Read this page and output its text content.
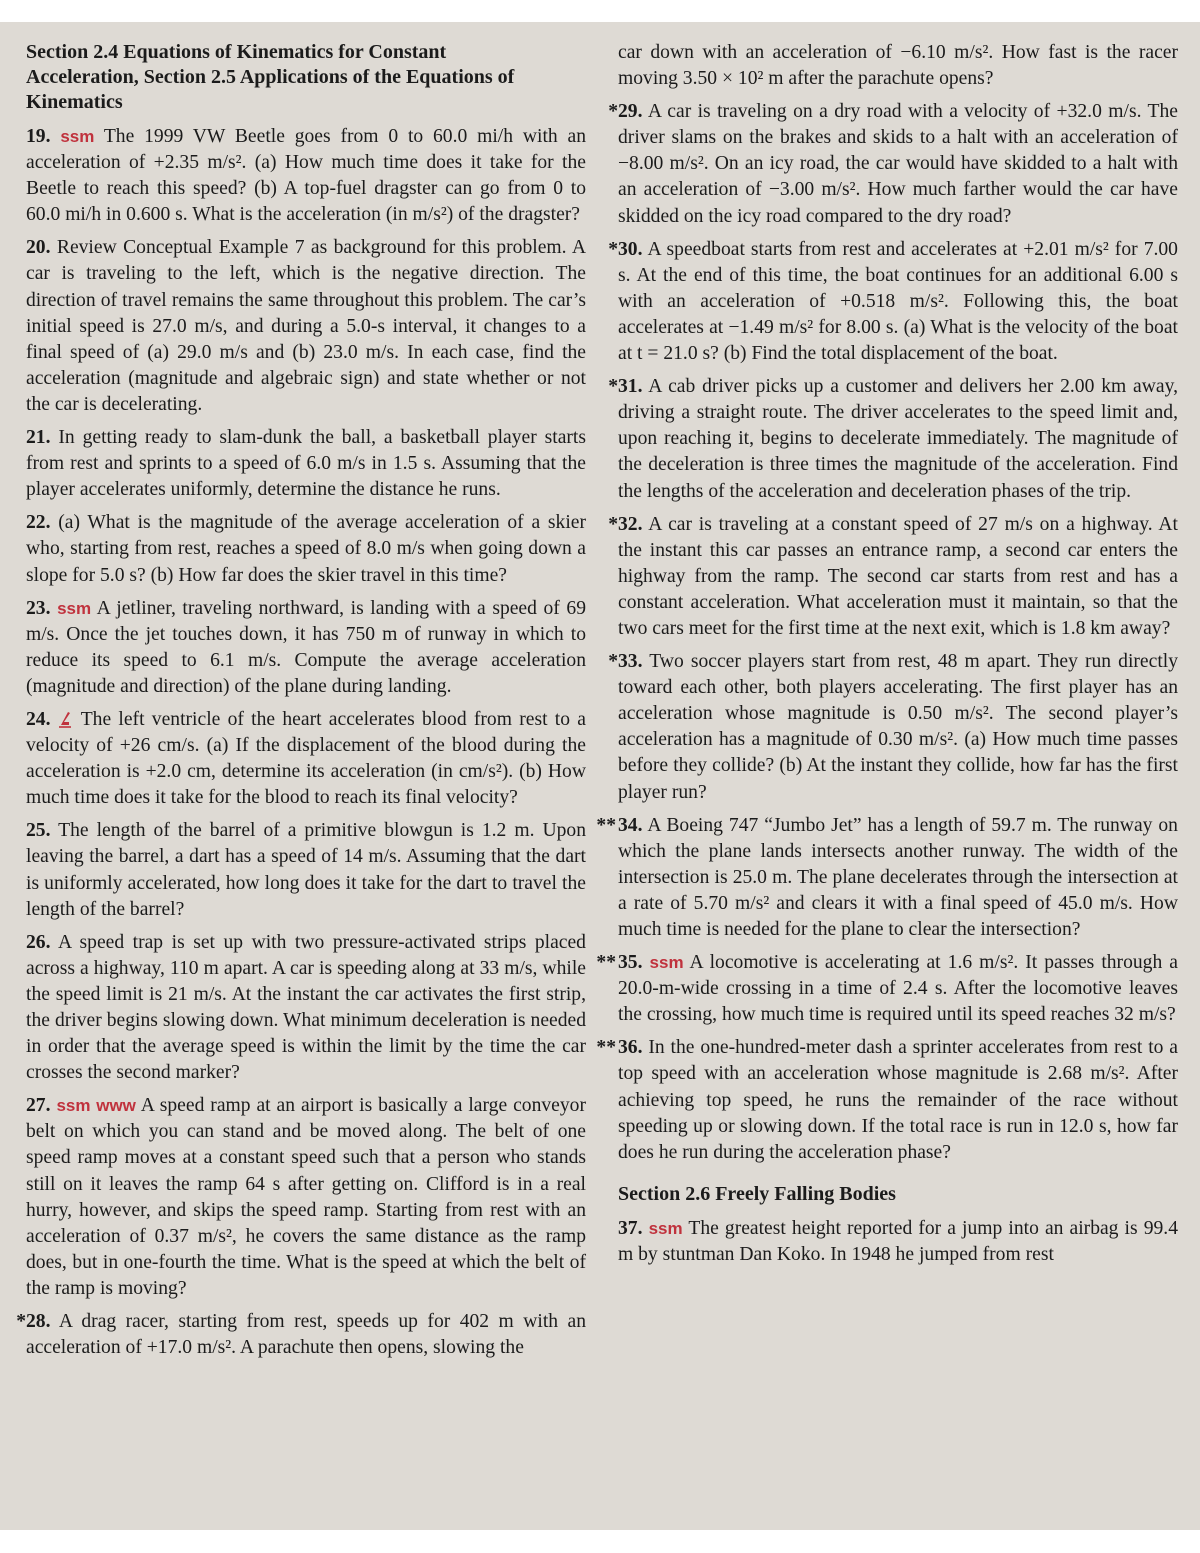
Section 2.4 Equations of Kinematics for Constant Acceleration, Section 2.5 Applications of the Equations of Kinematics
19. ssm The 1999 VW Beetle goes from 0 to 60.0 mi/h with an acceleration of +2.35 m/s². (a) How much time does it take for the Beetle to reach this speed? (b) A top-fuel dragster can go from 0 to 60.0 mi/h in 0.600 s. What is the acceleration (in m/s²) of the dragster?
20. Review Conceptual Example 7 as background for this problem. A car is traveling to the left, which is the negative direction. The direction of travel remains the same throughout this problem. The car’s initial speed is 27.0 m/s, and during a 5.0-s interval, it changes to a final speed of (a) 29.0 m/s and (b) 23.0 m/s. In each case, find the acceleration (magnitude and algebraic sign) and state whether or not the car is decelerating.
21. In getting ready to slam-dunk the ball, a basketball player starts from rest and sprints to a speed of 6.0 m/s in 1.5 s. Assuming that the player accelerates uniformly, determine the distance he runs.
22. (a) What is the magnitude of the average acceleration of a skier who, starting from rest, reaches a speed of 8.0 m/s when going down a slope for 5.0 s? (b) How far does the skier travel in this time?
23. ssm A jetliner, traveling northward, is landing with a speed of 69 m/s. Once the jet touches down, it has 750 m of runway in which to reduce its speed to 6.1 m/s. Compute the average acceleration (magnitude and direction) of the plane during landing.
24. The left ventricle of the heart accelerates blood from rest to a velocity of +26 cm/s. (a) If the displacement of the blood during the acceleration is +2.0 cm, determine its acceleration (in cm/s²). (b) How much time does it take for the blood to reach its final velocity?
25. The length of the barrel of a primitive blowgun is 1.2 m. Upon leaving the barrel, a dart has a speed of 14 m/s. Assuming that the dart is uniformly accelerated, how long does it take for the dart to travel the length of the barrel?
26. A speed trap is set up with two pressure-activated strips placed across a highway, 110 m apart. A car is speeding along at 33 m/s, while the speed limit is 21 m/s. At the instant the car activates the first strip, the driver begins slowing down. What minimum deceleration is needed in order that the average speed is within the limit by the time the car crosses the second marker?
27. ssm www A speed ramp at an airport is basically a large conveyor belt on which you can stand and be moved along. The belt of one speed ramp moves at a constant speed such that a person who stands still on it leaves the ramp 64 s after getting on. Clifford is in a real hurry, however, and skips the speed ramp. Starting from rest with an acceleration of 0.37 m/s², he covers the same distance as the ramp does, but in one-fourth the time. What is the speed at which the belt of the ramp is moving?
* 28. A drag racer, starting from rest, speeds up for 402 m with an acceleration of +17.0 m/s². A parachute then opens, slowing the
car down with an acceleration of −6.10 m/s². How fast is the racer moving 3.50 × 10² m after the parachute opens?
* 29. A car is traveling on a dry road with a velocity of +32.0 m/s. The driver slams on the brakes and skids to a halt with an acceleration of −8.00 m/s². On an icy road, the car would have skidded to a halt with an acceleration of −3.00 m/s². How much farther would the car have skidded on the icy road compared to the dry road?
* 30. A speedboat starts from rest and accelerates at +2.01 m/s² for 7.00 s. At the end of this time, the boat continues for an additional 6.00 s with an acceleration of +0.518 m/s². Following this, the boat accelerates at −1.49 m/s² for 8.00 s. (a) What is the velocity of the boat at t = 21.0 s? (b) Find the total displacement of the boat.
* 31. A cab driver picks up a customer and delivers her 2.00 km away, driving a straight route. The driver accelerates to the speed limit and, upon reaching it, begins to decelerate immediately. The magnitude of the deceleration is three times the magnitude of the acceleration. Find the lengths of the acceleration and deceleration phases of the trip.
* 32. A car is traveling at a constant speed of 27 m/s on a highway. At the instant this car passes an entrance ramp, a second car enters the highway from the ramp. The second car starts from rest and has a constant acceleration. What acceleration must it maintain, so that the two cars meet for the first time at the next exit, which is 1.8 km away?
* 33. Two soccer players start from rest, 48 m apart. They run directly toward each other, both players accelerating. The first player has an acceleration whose magnitude is 0.50 m/s². The second player’s acceleration has a magnitude of 0.30 m/s². (a) How much time passes before they collide? (b) At the instant they collide, how far has the first player run?
** 34. A Boeing 747 “Jumbo Jet” has a length of 59.7 m. The runway on which the plane lands intersects another runway. The width of the intersection is 25.0 m. The plane decelerates through the intersection at a rate of 5.70 m/s² and clears it with a final speed of 45.0 m/s. How much time is needed for the plane to clear the intersection?
** 35. ssm A locomotive is accelerating at 1.6 m/s². It passes through a 20.0-m-wide crossing in a time of 2.4 s. After the locomotive leaves the crossing, how much time is required until its speed reaches 32 m/s?
** 36. In the one-hundred-meter dash a sprinter accelerates from rest to a top speed with an acceleration whose magnitude is 2.68 m/s². After achieving top speed, he runs the remainder of the race without speeding up or slowing down. If the total race is run in 12.0 s, how far does he run during the acceleration phase?
Section 2.6 Freely Falling Bodies
37. ssm The greatest height reported for a jump into an airbag is 99.4 m by stuntman Dan Koko. In 1948 he jumped from rest
